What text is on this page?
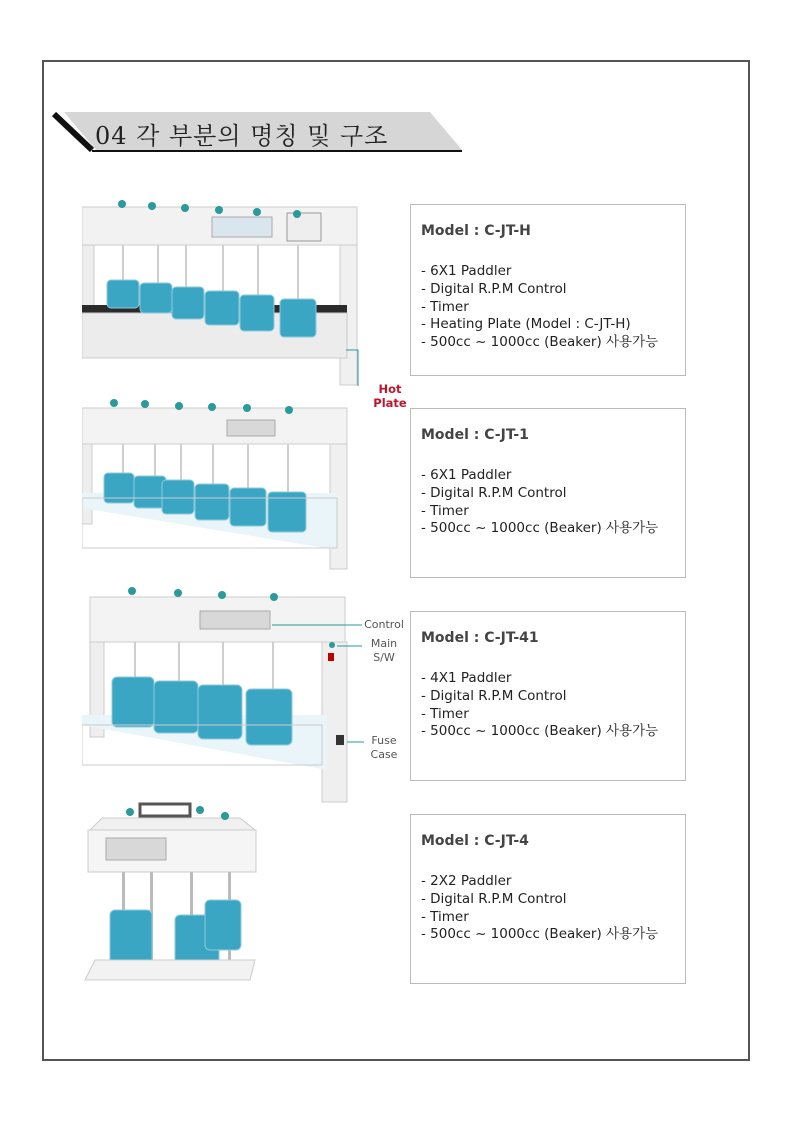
04 각 부분의 명칭 및 구조
Hot Plate
Model : C-JT-H
- 6X1 Paddler
- Digital R.P.M Control
- Timer
- Heating Plate (Model : C-JT-H)
- 500cc ~ 1000cc (Beaker) 사용가능
Model : C-JT-1
- 6X1 Paddler
- Digital R.P.M Control
- Timer
- 500cc ~ 1000cc (Beaker) 사용가능
Control
Main S/W
Fuse Case
Model : C-JT-41
- 4X1 Paddler
- Digital R.P.M Control
- Timer
- 500cc ~ 1000cc (Beaker) 사용가능
Model : C-JT-4
- 2X2 Paddler
- Digital R.P.M Control
- Timer
- 500cc ~ 1000cc (Beaker) 사용가능
